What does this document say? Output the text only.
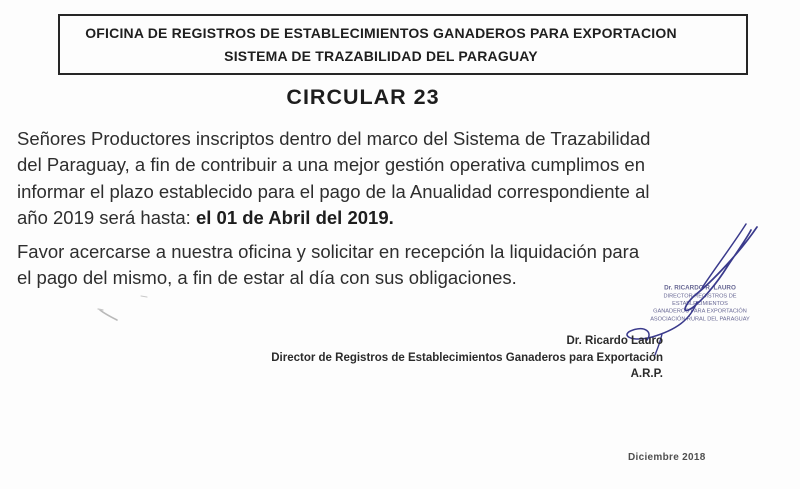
OFICINA DE REGISTROS DE ESTABLECIMIENTOS GANADEROS PARA EXPORTACION
SISTEMA DE TRAZABILIDAD DEL PARAGUAY
CIRCULAR 23
Señores Productores inscriptos dentro del marco del Sistema de Trazabilidad
del Paraguay, a fin de contribuir a una mejor gestión operativa cumplimos en
informar el plazo establecido para el pago de la Anualidad correspondiente al
año 2019 será hasta: el 01 de Abril del 2019.
Favor acercarse a nuestra oficina y solicitar en recepción la liquidación para
el pago del mismo, a fin de estar al día con sus obligaciones.	Dr. RICARDO R. LAURO
DIRECTOR REGISTROS DE ESTABLECIMIENTOS
GANADEROS PARA EXPORTACIÓN
ASOCIACIÓN RURAL DEL PARAGUAY
Dr. Ricardo Lauro
Director de Registros de Establecimientos Ganaderos para Exportación
A.R.P.
Diciembre 2018
